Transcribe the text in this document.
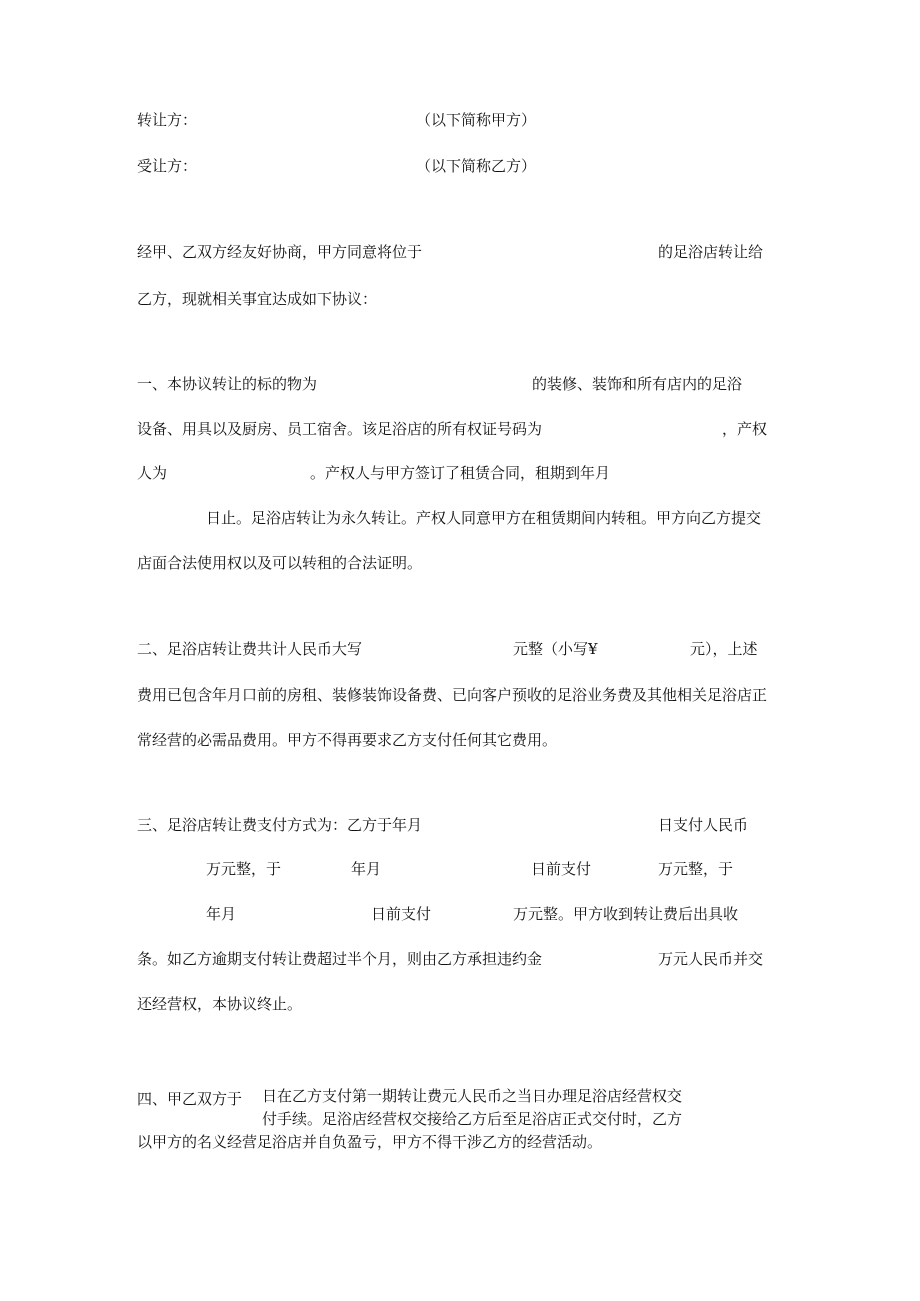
转让方：	（以下简称甲方）

受让方：	（以下简称乙方）

经甲、乙双方经友好协商，甲方同意将位于	的足浴店转让给

乙方，现就相关事宜达成如下协议：

一、本协议转让的标的物为	的装修、装饰和所有店内的足浴

设备、用具以及厨房、员工宿舍。该足浴店的所有权证号码为	，产权

人为	。产权人与甲方签订了租赁合同，租期到年月

日止。足浴店转让为永久转让。产权人同意甲方在租赁期间内转租。甲方向乙方提交

店面合法使用权以及可以转租的合法证明。

二、足浴店转让费共计人民币大写	元整（小写¥	元），上述

费用已包含年月口前的房租、装修装饰设备费、已向客户预收的足浴业务费及其他相关足浴店正

常经营的必需品费用。甲方不得再要求乙方支付任何其它费用。

三、足浴店转让费支付方式为：乙方于年月	日支付人民币

万元整，于	年月	日前支付	万元整，于

年月	日前支付	万元整。甲方收到转让费后出具收

条。如乙方逾期支付转让费超过半个月，则由乙方承担违约金	万元人民币并交

还经营权，本协议终止。

四、甲乙双方于 日在乙方支付第一期转让费元人民币之当日办理足浴店经营权交

付手续。足浴店经营权交接给乙方后至足浴店正式交付时，乙方

以甲方的名义经营足浴店并自负盈亏，甲方不得干涉乙方的经营活动。
